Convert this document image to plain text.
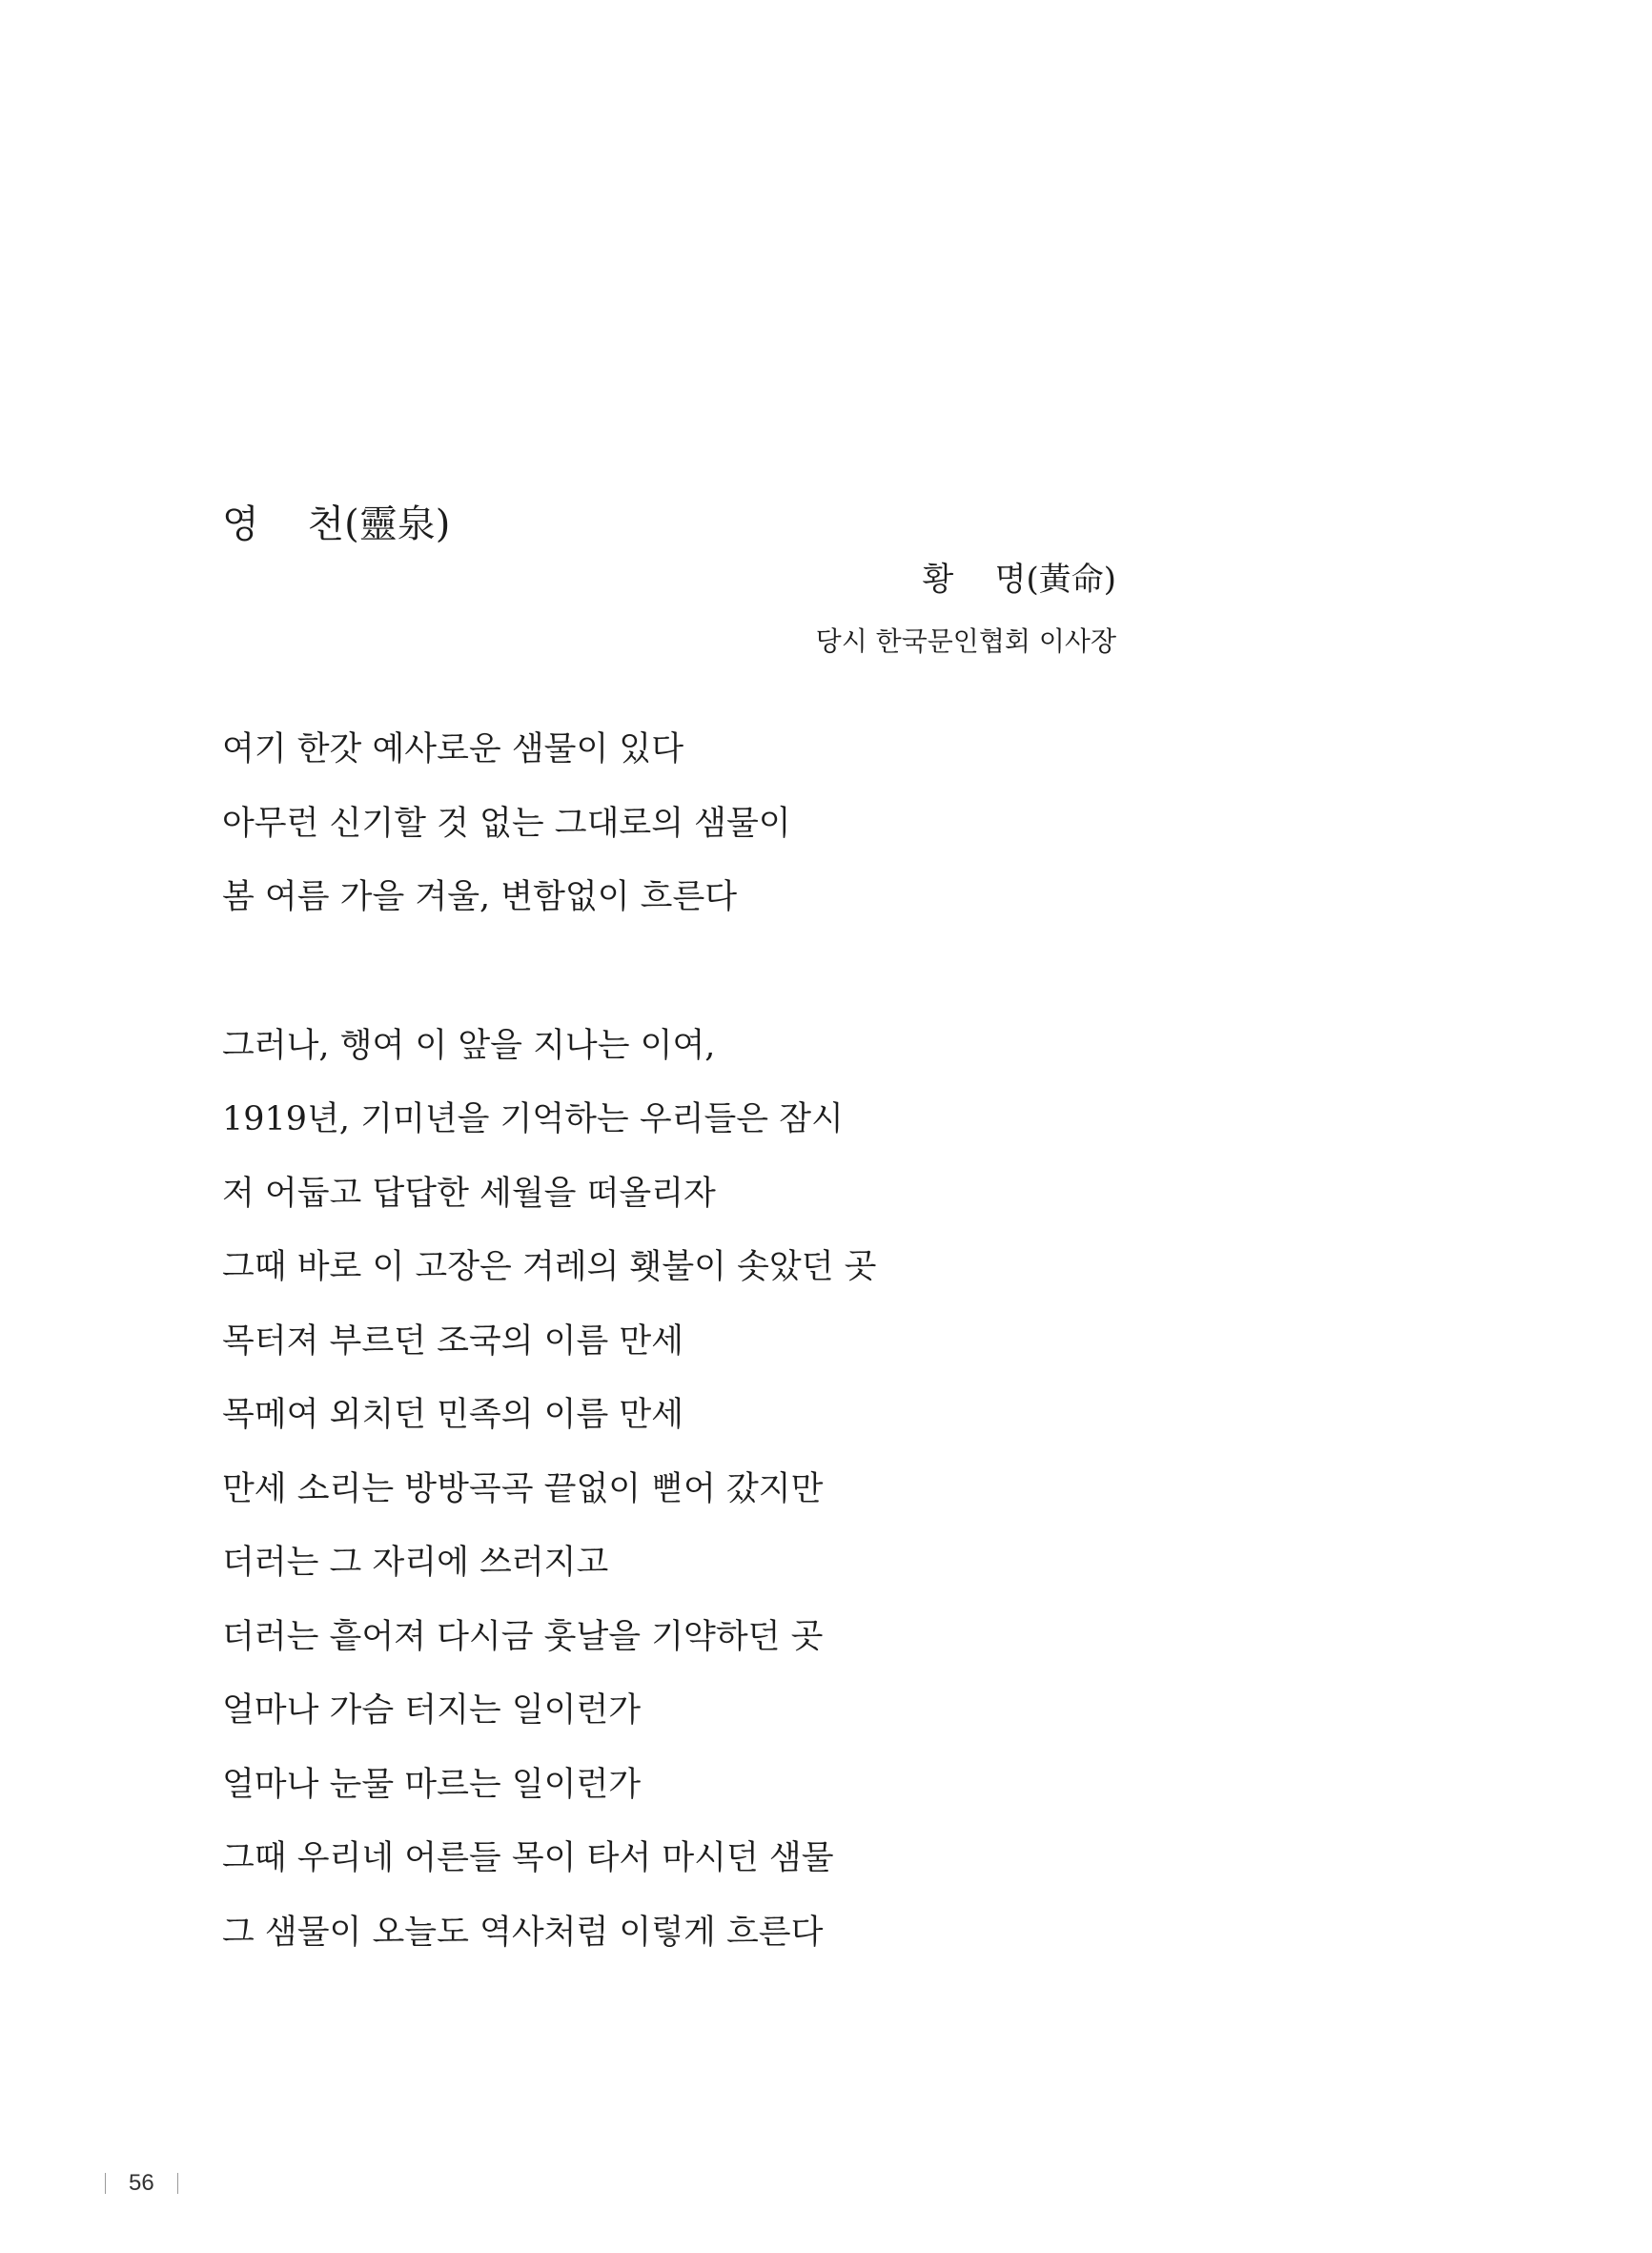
영    천(靈泉)
황    명(黃命)
당시 한국문인협회 이사장
여기 한갓 예사로운 샘물이 있다
아무런 신기할 것 없는 그대로의 샘물이
봄 여름 가을 겨울, 변함없이 흐른다
그러나, 행여 이 앞을 지나는 이여,
1919년, 기미년을 기억하는 우리들은 잠시
저 어둡고 답답한 세월을 떠올리자
그때 바로 이 고장은 겨레의 횃불이 솟았던 곳
목터져 부르던 조국의 이름 만세
목메여 외치던 민족의 이름 만세
만세 소리는 방방곡곡 끝없이 뻗어 갔지만
더러는 그 자리에 쓰러지고
더러는 흩어져 다시금 훗날을 기약하던 곳
얼마나 가슴 터지는 일이런가
얼마나 눈물 마르는 일이런가
그때 우리네 어른들 목이 타서 마시던 샘물
그 샘물이 오늘도 역사처럼 이렇게 흐른다
56
